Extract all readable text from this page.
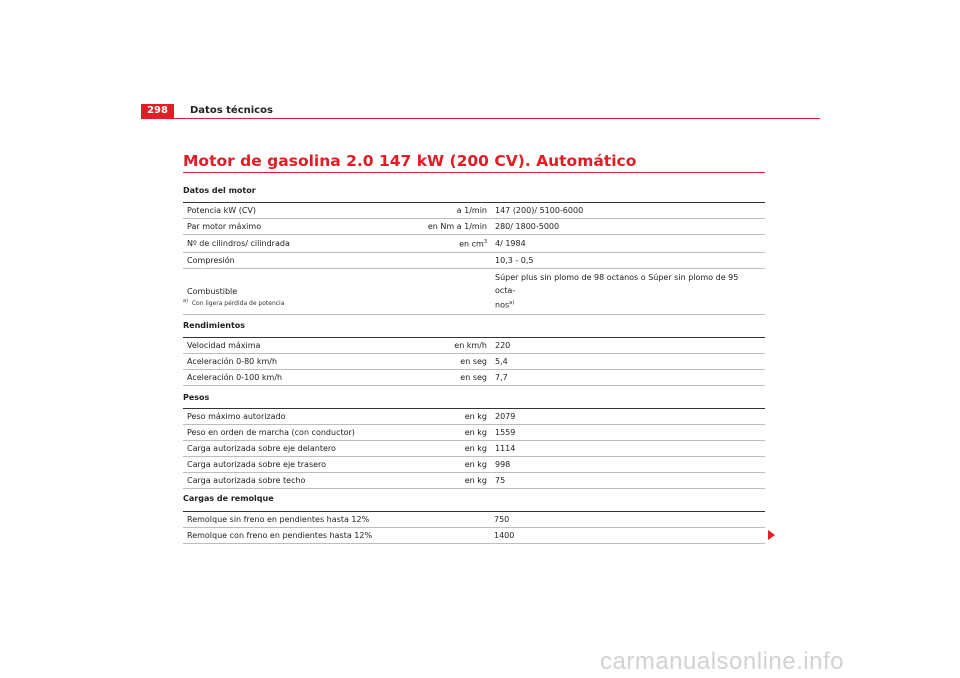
298	Datos técnicos
Motor de gasolina 2.0 147 kW (200 CV). Automático
Datos del motor
Potencia kW (CV)	a 1/min	147 (200)/ 5100-6000
Par motor máximo	en Nm a 1/min	280/ 1800-5000
Nº de cilindros/ cilindrada	en cm$^3$	4/ 1984
Compresión		10,3 - 0,5
Combustible		Súper plus sin plomo de 98 octanos o Súper sin plomo de 95 octa-
nos$^{a)}$
$^{a)}$ Con ligera pérdida de potencia
Rendimientos
Velocidad máxima	en km/h	220
Aceleración 0-80 km/h	en seg	5,4
Aceleración 0-100 km/h	en seg	7,7
Pesos
Peso máximo autorizado	en kg	2079
Peso en orden de marcha (con conductor)	en kg	1559
Carga autorizada sobre eje delantero	en kg	1114
Carga autorizada sobre eje trasero	en kg	998
Carga autorizada sobre techo	en kg	75
Cargas de remolque
Remolque sin freno en pendientes hasta 12%	750
Remolque con freno en pendientes hasta 12%	1400
carmanualsonline.info
